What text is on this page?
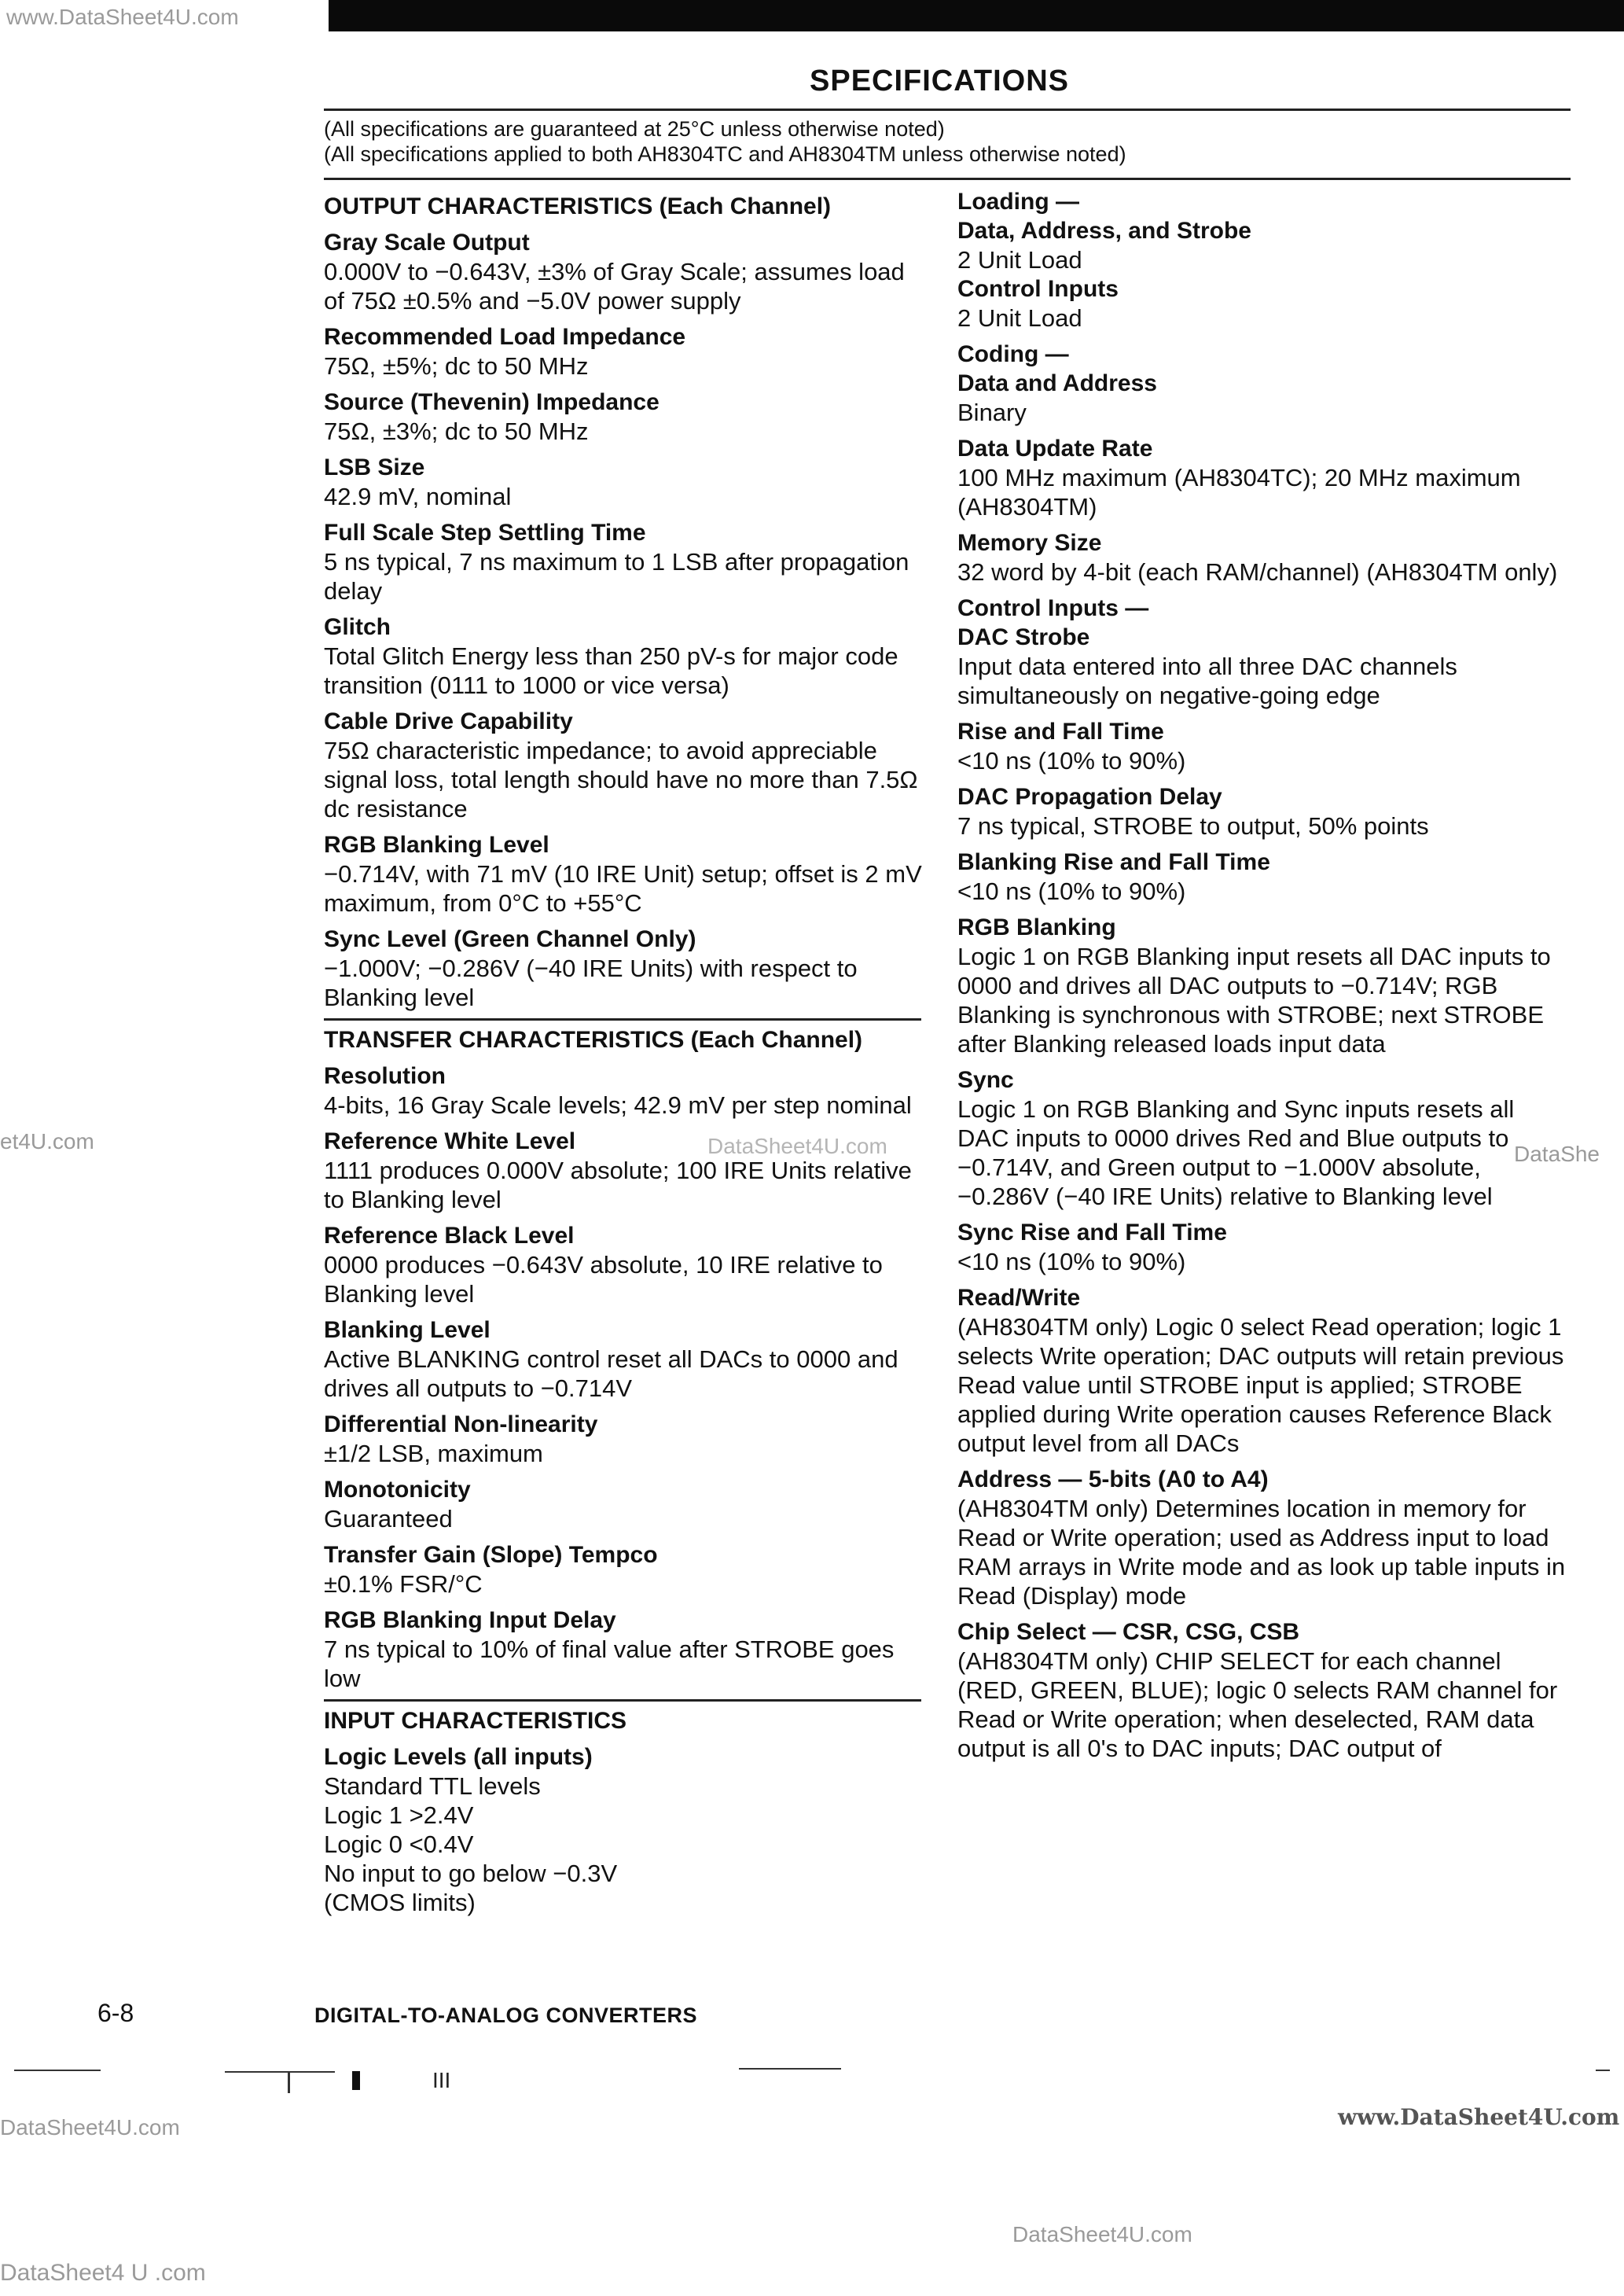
www.DataSheet4U.com
et4U.com	DataSheet4U.com	DataShe
DataSheet4U.com	www.DataSheet4U.com
DataSheet4U.com
DataSheet4 U .com
SPECIFICATIONS
(All specifications are guaranteed at 25°C unless otherwise noted)
(All specifications applied to both AH8304TC and AH8304TM unless otherwise noted)
OUTPUT CHARACTERISTICS (Each Channel)
Gray Scale Output
0.000V to −0.643V, ±3% of Gray Scale; assumes load of 75Ω ±0.5% and −5.0V power supply
Recommended Load Impedance
75Ω, ±5%; dc to 50 MHz
Source (Thevenin) Impedance
75Ω, ±3%; dc to 50 MHz
LSB Size
42.9 mV, nominal
Full Scale Step Settling Time
5 ns typical, 7 ns maximum to 1 LSB after propagation delay
Glitch
Total Glitch Energy less than 250 pV-s for major code transition (0111 to 1000 or vice versa)
Cable Drive Capability
75Ω characteristic impedance; to avoid appreciable signal loss, total length should have no more than 7.5Ω dc resistance
RGB Blanking Level
−0.714V, with 71 mV (10 IRE Unit) setup; offset is 2 mV maximum, from 0°C to +55°C
Sync Level (Green Channel Only)
−1.000V; −0.286V (−40 IRE Units) with respect to Blanking level
TRANSFER CHARACTERISTICS (Each Channel)
Resolution
4-bits, 16 Gray Scale levels; 42.9 mV per step nominal
Reference White Level
1111 produces 0.000V absolute; 100 IRE Units relative to Blanking level
Reference Black Level
0000 produces −0.643V absolute, 10 IRE relative to Blanking level
Blanking Level
Active BLANKING control reset all DACs to 0000 and drives all outputs to −0.714V
Differential Non-linearity
±1/2 LSB, maximum
Monotonicity
Guaranteed
Transfer Gain (Slope) Tempco
±0.1% FSR/°C
RGB Blanking Input Delay
7 ns typical to 10% of final value after STROBE goes low
INPUT CHARACTERISTICS
Logic Levels (all inputs)
Standard TTL levels
Logic 1 >2.4V
Logic 0 <0.4V
No input to go below −0.3V
(CMOS limits)
Loading —
Data, Address, and Strobe
2 Unit Load
Control Inputs
2 Unit Load
Coding —
Data and Address
Binary
Data Update Rate
100 MHz maximum (AH8304TC); 20 MHz maximum (AH8304TM)
Memory Size
32 word by 4-bit (each RAM/channel) (AH8304TM only)
Control Inputs —
DAC Strobe
Input data entered into all three DAC channels simultaneously on negative-going edge
Rise and Fall Time
<10 ns (10% to 90%)
DAC Propagation Delay
7 ns typical, STROBE to output, 50% points
Blanking Rise and Fall Time
<10 ns (10% to 90%)
RGB Blanking
Logic 1 on RGB Blanking input resets all DAC inputs to 0000 and drives all DAC outputs to −0.714V; RGB Blanking is synchronous with STROBE; next STROBE after Blanking released loads input data
Sync
Logic 1 on RGB Blanking and Sync inputs resets all DAC inputs to 0000 drives Red and Blue outputs to −0.714V, and Green output to −1.000V absolute, −0.286V (−40 IRE Units) relative to Blanking level
Sync Rise and Fall Time
<10 ns (10% to 90%)
Read/Write
(AH8304TM only) Logic 0 select Read operation; logic 1 selects Write operation; DAC outputs will retain previous Read value until STROBE input is applied; STROBE applied during Write operation causes Reference Black output level from all DACs
Address — 5-bits (A0 to A4)
(AH8304TM only) Determines location in memory for Read or Write operation; used as Address input to load RAM arrays in Write mode and as look up table inputs in Read (Display) mode
Chip Select — CSR, CSG, CSB
(AH8304TM only) CHIP SELECT for each channel (RED, GREEN, BLUE); logic 0 selects RAM channel for Read or Write operation; when deselected, RAM data output is all 0's to DAC inputs; DAC output of
6-8	DIGITAL-TO-ANALOG CONVERTERS
III
